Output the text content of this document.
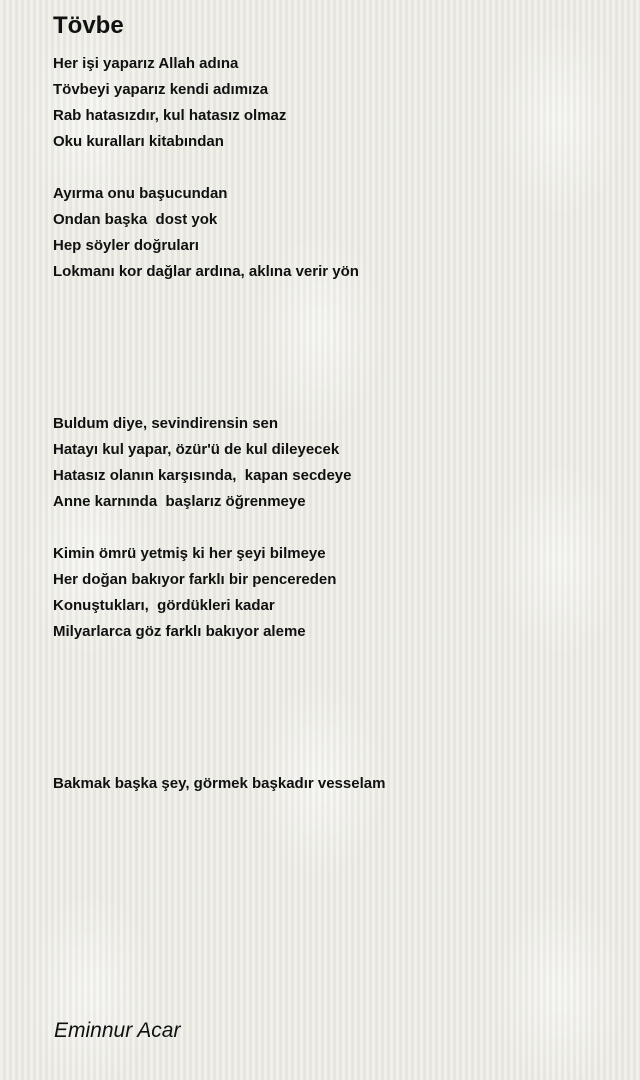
Tövbe
Her işi yaparız Allah adına
Tövbeyi yaparız kendi adımıza
Rab hatasızdır, kul hatasız olmaz
Oku kuralları kitabından
Ayırma onu başucundan
Ondan başka  dost yok
Hep söyler doğruları
Lokmanı kor dağlar ardına, aklına verir yön
Buldum diye, sevindirensin sen
Hatayı kul yapar, özür'ü de kul dileyecek
Hatasız olanın karşısında,  kapan secdeye
Anne karnında  başlarız öğrenmeye
Kimin ömrü yetmiş ki her şeyi bilmeye
Her doğan bakıyor farklı bir pencereden
Konuştukları,  gördükleri kadar
Milyarlarca göz farklı bakıyor aleme
Bakmak başka şey, görmek başkadır vesselam

Eminnur Acar
